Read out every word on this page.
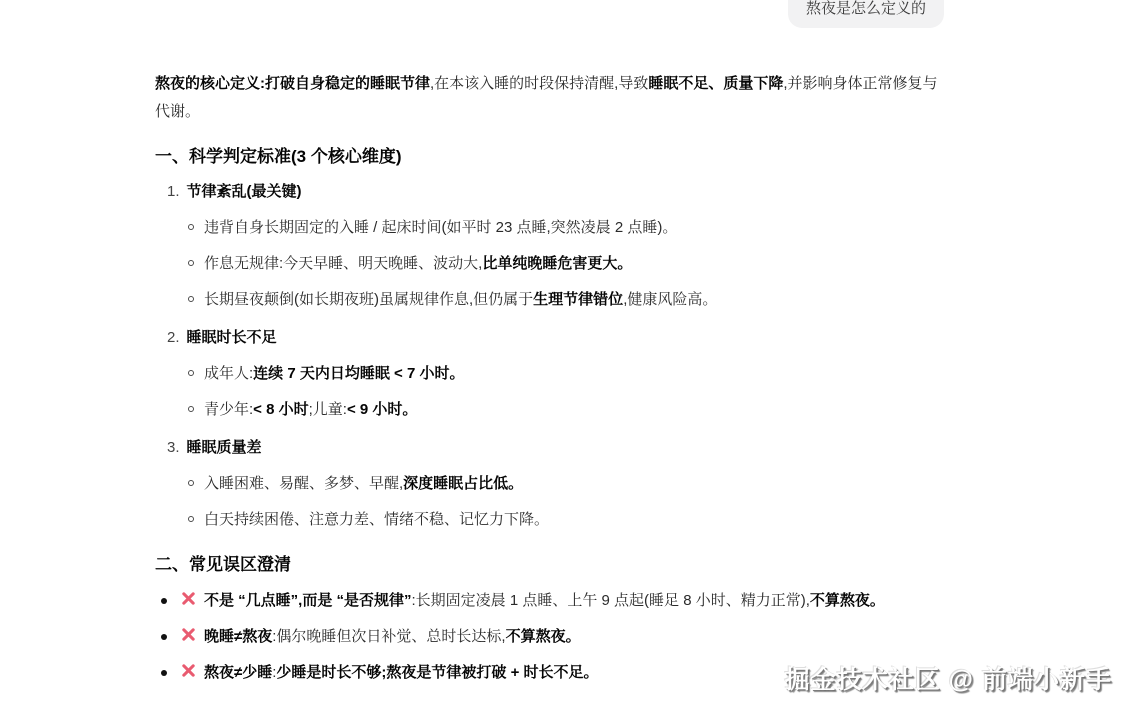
熬夜是怎么定义的

熬夜的核心定义:打破自身稳定的睡眠节律,在本该入睡的时段保持清醒,导致睡眠不足、质量下降,并影响身体正常修复与代谢。

一、科学判定标准(3 个核心维度)
1. 节律紊乱(最关键)
违背自身长期固定的入睡 / 起床时间(如平时 23 点睡,突然凌晨 2 点睡)。
作息无规律:今天早睡、明天晚睡、波动大,比单纯晚睡危害更大。
长期昼夜颠倒(如长期夜班)虽属规律作息,但仍属于生理节律错位,健康风险高。
2. 睡眠时长不足
成年人:连续 7 天内日均睡眠 < 7 小时。
青少年:< 8 小时;儿童:< 9 小时。
3. 睡眠质量差
入睡困难、易醒、多梦、早醒,深度睡眠占比低。
白天持续困倦、注意力差、情绪不稳、记忆力下降。
二、常见误区澄清
不是 “几点睡”,而是 “是否规律”:长期固定凌晨 1 点睡、上午 9 点起(睡足 8 小时、精力正常),不算熬夜。
晚睡≠熬夜:偶尔晚睡但次日补觉、总时长达标,不算熬夜。
熬夜≠少睡:少睡是时长不够;熬夜是节律被打破 + 时长不足。	掘金技术社区 @ 前端小新手
